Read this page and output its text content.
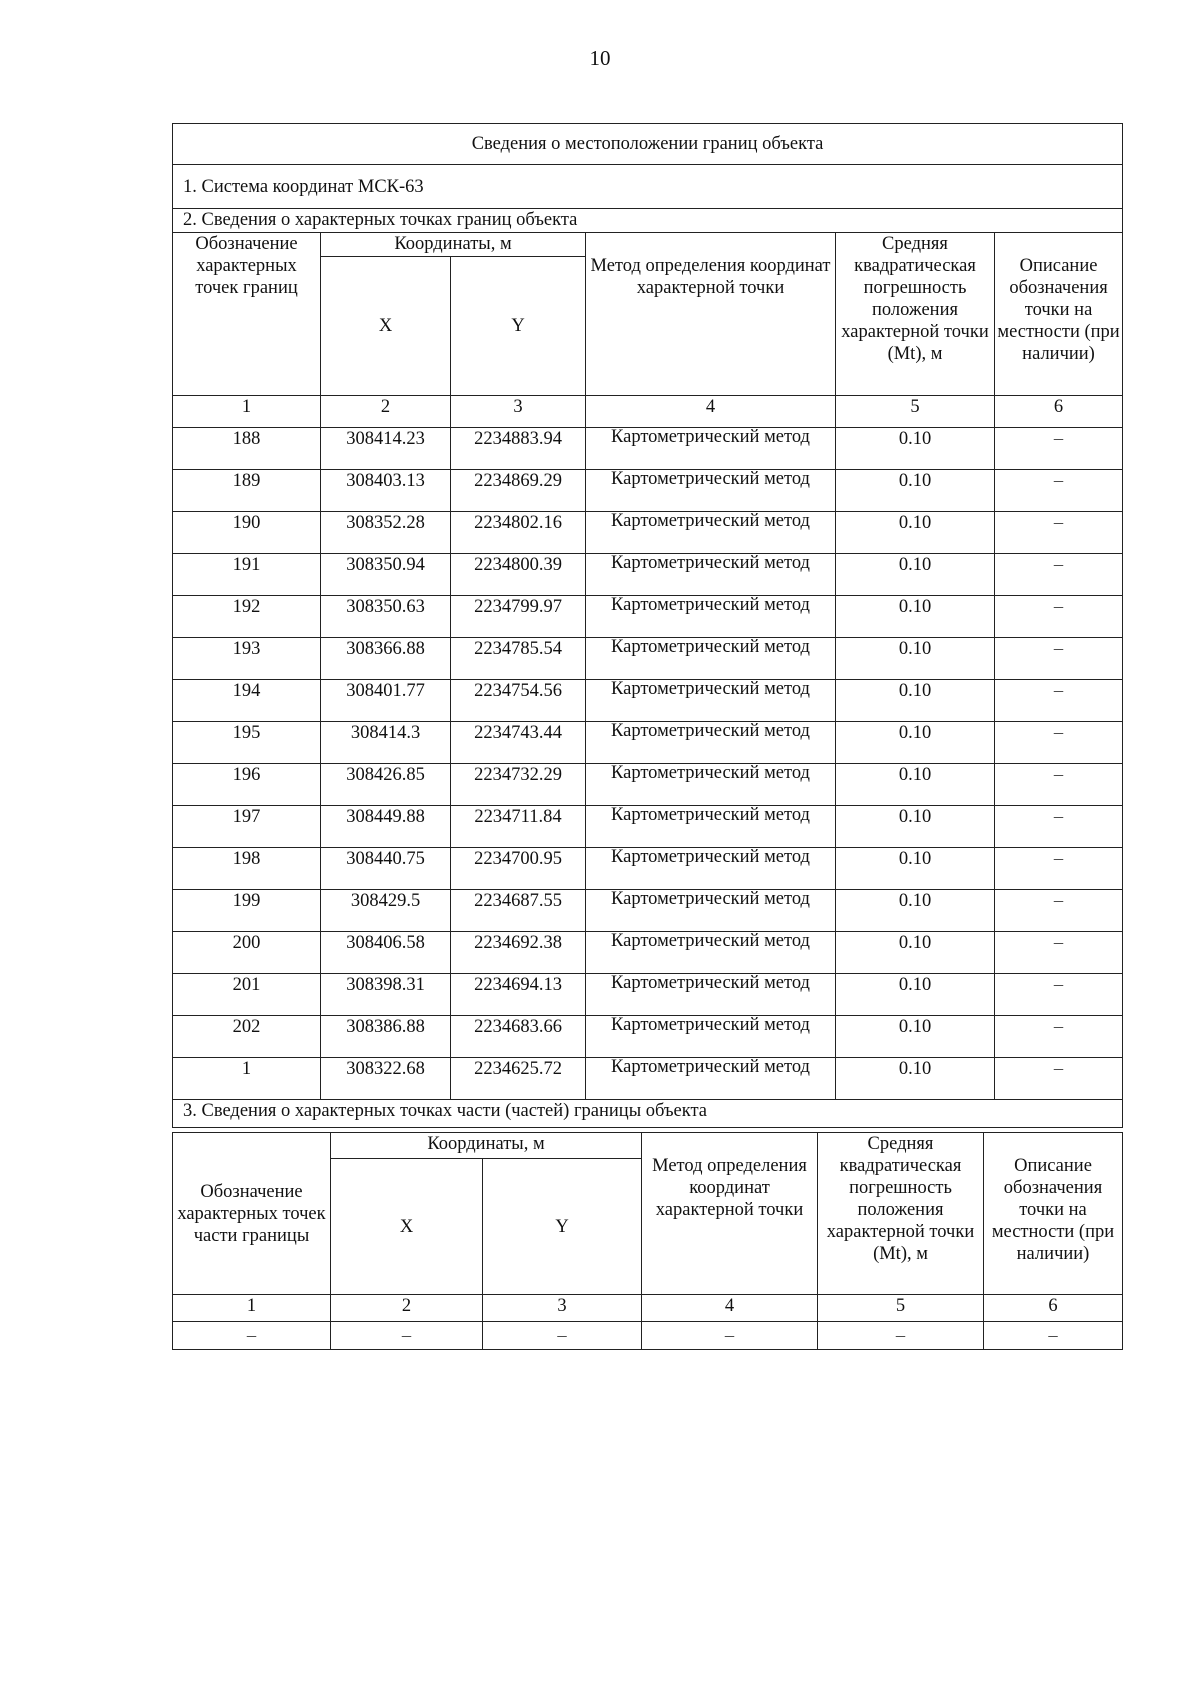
10
Сведения о местоположении границ объекта					
1. Система координат МСК-63					
2. Сведения о характерных точках границ объекта					
Обозначение характерных точек границ	Координаты, м		Метод определения координат характерной точки	Средняя квадратическая погрешность положения характерной точки (Mt), м	Описание обозначения точки на местности (при наличии)
	X	Y			
1	2	3	4	5	6
188	308414.23	2234883.94	Картометрический метод	0.10	–
189	308403.13	2234869.29	Картометрический метод	0.10	–
190	308352.28	2234802.16	Картометрический метод	0.10	–
191	308350.94	2234800.39	Картометрический метод	0.10	–
192	308350.63	2234799.97	Картометрический метод	0.10	–
193	308366.88	2234785.54	Картометрический метод	0.10	–
194	308401.77	2234754.56	Картометрический метод	0.10	–
195	308414.3	2234743.44	Картометрический метод	0.10	–
196	308426.85	2234732.29	Картометрический метод	0.10	–
197	308449.88	2234711.84	Картометрический метод	0.10	–
198	308440.75	2234700.95	Картометрический метод	0.10	–
199	308429.5	2234687.55	Картометрический метод	0.10	–
200	308406.58	2234692.38	Картометрический метод	0.10	–
201	308398.31	2234694.13	Картометрический метод	0.10	–
202	308386.88	2234683.66	Картометрический метод	0.10	–
1	308322.68	2234625.72	Картометрический метод	0.10	–
3. Сведения о характерных точках части (частей) границы объекта					
Обозначение характерных точек части границы	Координаты, м		Метод определения координат характерной точки	Средняя квадратическая погрешность положения характерной точки (Mt), м	Описание обозначения точки на местности (при наличии)
	X	Y			
1	2	3	4	5	6
–	–	–	–	–	–
